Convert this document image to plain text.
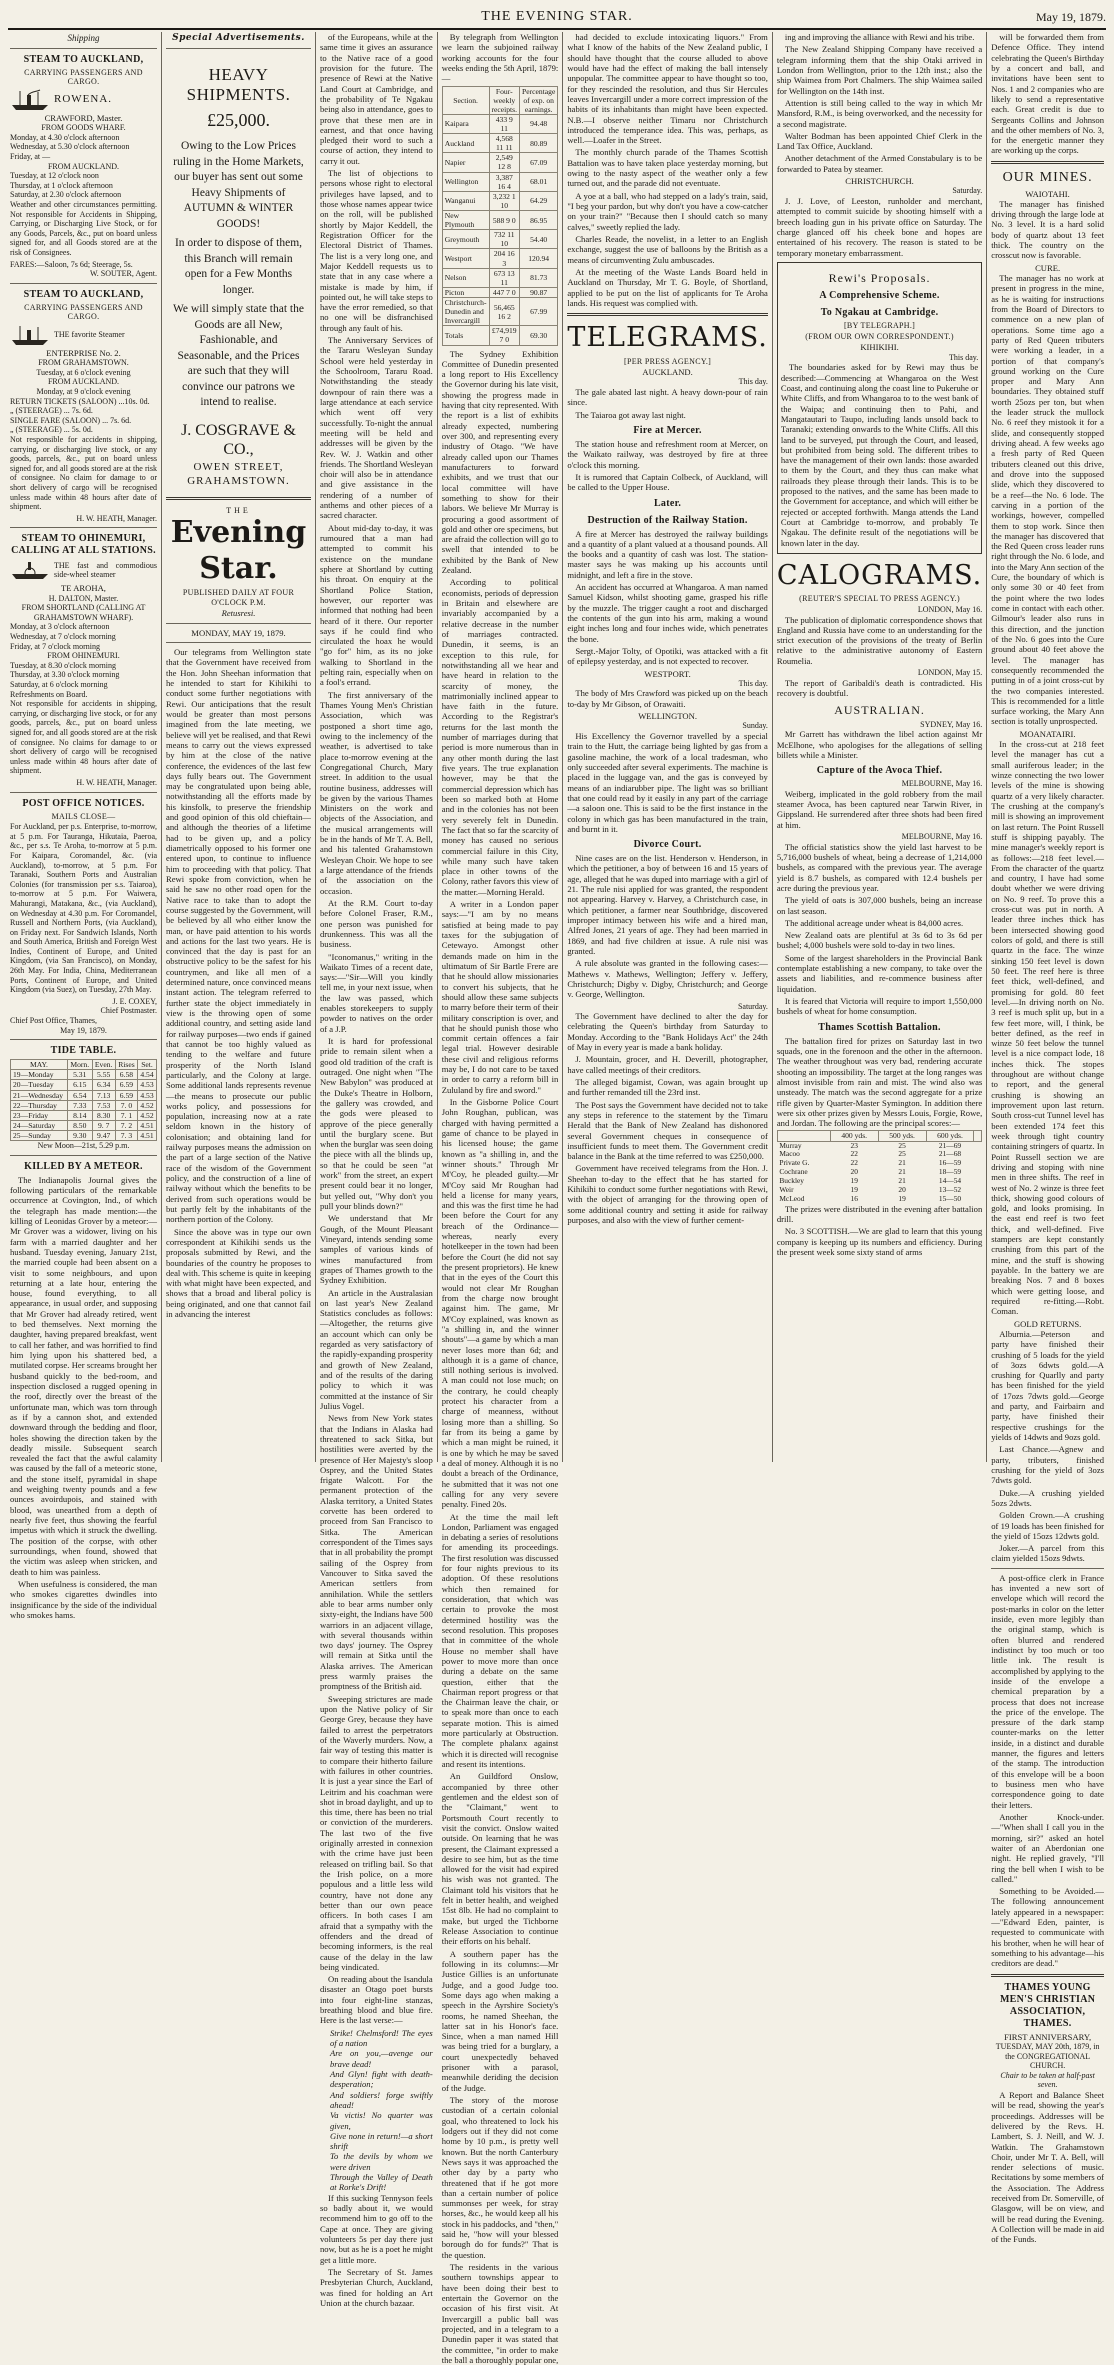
THE EVENING STAR.	May 19, 1879.
Shipping
STEAM TO AUCKLAND,
CARRYING PASSENGERS AND CARGO.
ROWENA.
CRAWFORD, Master.
FROM GOODS WHARF.
Monday, at 4.30 o'clock afternoon
Wednesday, at 5.30 o'clock afternoon
Friday, at —
FROM AUCKLAND.
Tuesday, at 12 o'clock noon
Thursday, at 1 o'clock afternoon
Saturday, at 2.30 o'clock afternoon

Weather and other circumstances permitting. Not responsible for Accidents in Shipping, Carrying, or Discharging Live Stock, or for any Goods, Parcels, &c., put on board unless signed for, and all Goods stored are at the risk of Consignees.

FARES:—Saloon, 7s 6d; Steerage, 5s.
W. SOUTER, Agent.
STEAM TO AUCKLAND,
CARRYING PASSENGERS AND CARGO.
THE favorite Steamer
ENTERPRISE No. 2.
FROM GRAHAMSTOWN.
Tuesday, at 6 o'clock evening
FROM AUCKLAND.
Monday, at 9 o'clock evening
RETURN TICKETS (SALOON) ...10s. 0d.
„ (STEERAGE) ... 7s. 6d.
SINGLE FARE (SALOON) ... 7s. 6d.
„ (STEERAGE) ... 5s. 0d.

Not responsible for accidents in shipping, carrying, or discharging live stock, or any goods, parcels, &c., put on board unless signed for, and all goods stored are at the risk of consignee. No claim for damage to or short delivery of cargo will be recognised unless made within 48 hours after date of shipment.

H. W. HEATH, Manager.
STEAM TO OHINEMURI, CALLING AT ALL STATIONS.
THE fast and commodious side-wheel steamer
TE AROHA,
H. DALTON, Master.
FROM SHORTLAND (CALLING AT GRAHAMSTOWN WHARF).
Monday, at 3 o'clock afternoon
Wednesday, at 7 o'clock morning
Friday, at 7 o'clock morning
FROM OHINEMURI.
Tuesday, at 8.30 o'clock morning
Thursday, at 3.30 o'clock morning
Saturday, at 6 o'clock morning
Refreshments on Board.

Not responsible for accidents in shipping, carrying, or discharging live stock, or for any goods, parcels, &c., put on board unless signed for, and all goods stored are at the risk of consignee. No claims for damage to or short delivery of cargo will be recognised unless made within 48 hours after date of shipment.

H. W. HEATH, Manager.
POST OFFICE NOTICES.
MAILS CLOSE—

For Auckland, per p.s. Enterprise, to-morrow, at 5 p.m. For Tauranga, Hikutaia, Paeroa, &c., per s.s. Te Aroha, to-morrow at 5 p.m. For Kaipara, Coromandel, &c. (via Auckland), to-morrow, at 5 p.m. For Taranaki, Southern Ports and Australian Colonies (for transmission per s.s. Taiaroa), to-morrow at 5 p.m. For Waiwera, Mahurangi, Matakana, &c., (via Auckland), on Wednesday at 4.30 p.m. For Coromandel, Russell and Northern Ports, (via Auckland), on Friday next. For Sandwich Islands, North and South America, British and Foreign West Indies, Continent of Europe, and United Kingdom, (via San Francisco), on Monday, 26th May. For India, China, Mediterranean Ports, Continent of Europe, and United Kingdom (via Suez), on Tuesday, 27th May.

J. E. COXEY,
Chief Postmaster.
Chief Post Office, Thames,
May 19, 1879.
TIDE TABLE.
MAY.	Morn.	Even.	Rises	Set.
19—Monday	5.31	5.55	6.58	4.54
20—Tuesday	6.15	6.34	6.59	4.53
21—Wednesday	6.54	7.13	6.59	4.53
22—Thursday	7.33	7.53	7. 0	4.52
23—Friday	8.14	8.30	7. 1	4.52
24—Saturday	8.50	9. 7	7. 2	4.51
25—Sunday	9.30	9.47	7. 3	4.51
New Moon—21st, 5.29 p.m.
KILLED BY A METEOR.

The Indianapolis Journal gives the following particulars of the remarkable occurrence at Covington, Ind., of which the telegraph has made mention:—the killing of Leonidas Grover by a meteor:—Mr Grover was a widower, living on his farm with a married daughter and her husband. Tuesday evening, January 21st, the married couple had been absent on a visit to some neighbours, and upon returning at a late hour, entering the house, found everything, to all appearance, in usual order, and supposing that Mr Grover had already retired, went to bed themselves. Next morning the daughter, having prepared breakfast, went to call her father, and was horrified to find him lying upon his shattered bed, a mutilated corpse. Her screams brought her husband quickly to the bed-room, and inspection disclosed a rugged opening in the roof, directly over the breast of the unfortunate man, which was torn through as if by a cannon shot, and extended downward through the bedding and floor, holes showing the direction taken by the deadly missile. Subsequent search revealed the fact that the awful calamity was caused by the fall of a meteoric stone, and the stone itself, pyramidal in shape and weighing twenty pounds and a few ounces avoirdupois, and stained with blood, was unearthed from a depth of nearly five feet, thus showing the fearful impetus with which it struck the dwelling. The position of the corpse, with other surroundings, when found, showed that the victim was asleep when stricken, and death to him was painless.

When usefulness is considered, the man who smokes cigarettes dwindles into insignificance by the side of the individual who smokes hams.

Special Advertisements.
HEAVY SHIPMENTS.
£25,000.
Owing to the Low Prices ruling in the Home Markets, our buyer has sent out some Heavy Shipments of AUTUMN & WINTER GOODS!
In order to dispose of them, this Branch will remain open for a Few Months longer.
We will simply state that the Goods are all New, Fashionable, and Seasonable, and the Prices are such that they will convince our patrons we intend to realise.
J. COSGRAVE & CO.,
OWEN STREET,
GRAHAMSTOWN.
THE
Evening Star.
PUBLISHED DAILY AT FOUR O'CLOCK P.M.
Retusresi.
MONDAY, MAY 19, 1879.

Our telegrams from Wellington state that the Government have received from the Hon. John Sheehan information that he intended to start for Kihikihi to conduct some further negotiations with Rewi. Our anticipations that the result would be greater than most persons imagined from the late meeting, we believe will yet be realised, and that Rewi means to carry out the views expressed by him at the close of the native conference, the evidences of the last few days fully bears out. The Government may be congratulated upon being able, notwithstanding all the efforts made by his kinsfolk, to preserve the friendship and good opinion of this old chieftain—and although the theories of a lifetime had to be given up, and a policy diametrically opposed to his former one entered upon, to continue to influence him to proceeding with that policy. That Rewi spoke from conviction, when he said he saw no other road open for the Native race to take than to adopt the course suggested by the Government, will be believed by all who either know the man, or have paid attention to his words and actions for the last two years. He is convinced that the day is past for an obstructive policy to be the safest for his countrymen, and like all men of a determined nature, once convinced means instant action. The telegram referred to further state the object immediately in view is the throwing open of some additional country, and setting aside land for railway purposes—two ends if gained that cannot be too highly valued as tending to the welfare and future prosperity of the North Island particularly, and the Colony at large. Some additional lands represents revenue—the means to prosecute our public works policy, and possessions for population, increasing now at a rate seldom known in the history of colonisation; and obtaining land for railway purposes means the admission on the part of a large section of the Native race of the wisdom of the Government policy, and the construction of a line of railway without which the benefits to be derived from such operations would be but partly felt by the inhabitants of the northern portion of the Colony.

Since the above was in type our own correspondent at Kihikihi sends us the proposals submitted by Rewi, and the boundaries of the country he proposes to deal with. This scheme is quite in keeping with what might have been expected, and shows that a broad and liberal policy is being originated, and one that cannot fail in advancing the interest

of the Europeans, while at the same time it gives an assurance to the Native race of a good provision for the future. The presence of Rewi at the Native Land Court at Cambridge, and the probability of Te Ngakau being also in attendance, goes to prove that these men are in earnest, and that once having pledged their word to such a course of action, they intend to carry it out.

The list of objections to persons whose right to electoral privileges have lapsed, and to those whose names appear twice on the roll, will be published shortly by Major Keddell, the Registration Officer for the Electoral District of Thames. The list is a very long one, and Major Keddell requests us to state that in any case where a mistake is made by him, if pointed out, he will take steps to have the error remedied, so that no one will be disfranchised through any fault of his.

The Anniversary Services of the Tararu Wesleyan Sunday School were held yesterday in the Schoolroom, Tararu Road. Notwithstanding the steady downpour of rain there was a large attendance at each service which went off very successfully. To-night the annual meeting will be held and addresses will be given by the Rev. W. J. Watkin and other friends. The Shortland Wesleyan choir will also be in attendance and give assistance in the rendering of a number of anthems and other pieces of a sacred character.

About mid-day to-day, it was rumoured that a man had attempted to commit his existence on the mundane sphere at Shortland by cutting his throat. On enquiry at the Shortland Police Station, however, our reporter was informed that nothing had been heard of it there. Our reporter says if he could find who circulated the hoax he would "go for" him, as its no joke walking to Shortland in the pelting rain, especially when on a fool's errand.

The first anniversary of the Thames Young Men's Christian Association, which was postponed a short time ago, owing to the inclemency of the weather, is advertised to take place to-morrow evening at the Congregational Church, Mary street. In addition to the usual routine business, addresses will be given by the various Thames Ministers on the work and objects of the Association, and the musical arrangements will be in the hands of Mr T. A. Bell, and his talented Grahamstown Wesleyan Choir. We hope to see a large attendance of the friends of the association on the occasion.

At the R.M. Court to-day before Colonel Fraser, R.M., one person was punished for drunkenness. This was all the business.

"Iconomanus," writing in the Waikato Times of a recent date, says:—"Sir—Will you kindly tell me, in your next issue, when the law was passed, which enables storekeepers to supply powder to natives on the order of a J.P.

It is hard for professional pride to remain silent when a good old tradition of the craft is outraged. One night when "The New Babylon" was produced at the Duke's Theatre in Holborn, the gallery was crowded, and the gods were pleased to approve of the piece generally until the burglary scene. But when the burglar was seen doing the piece with all the blinds up, so that he could be seen "at work" from the street, an expert present could bear it no longer, but yelled out, "Why don't you pull your blinds down?"

We understand that Mr Gough, of the Mount Pleasant Vineyard, intends sending some samples of various kinds of wines manufactured from grapes of Thames growth to the Sydney Exhibition.

An article in the Australasian on last year's New Zealand Statistics concludes as follows:—Altogether, the returns give an account which can only be regarded as very satisfactory of the rapidly-expanding prosperity and growth of New Zealand, and of the results of the daring policy to which it was committed at the instance of Sir Julius Vogel.

News from New York states that the Indians in Alaska had threatened to sack Sitka, but hostilities were averted by the presence of Her Majesty's sloop Osprey, and the United States frigate Walcott. For the permanent protection of the Alaska territory, a United States corvette has been ordered to proceed from San Francisco to Sitka. The American correspondent of the Times says that in all probability the prompt sailing of the Osprey from Vancouver to Sitka saved the American settlers from annihilation. While the settlers able to bear arms number only sixty-eight, the Indians have 500 warriors in an adjacent village, with several thousands within two days' journey. The Osprey will remain at Sitka until the Alaska arrives. The American press warmly praises the promptness of the British aid.

Sweeping strictures are made upon the Native policy of Sir George Grey, because they have failed to arrest the perpetrators of the Waverly murders. Now, a fair way of testing this matter is to compare their hitherto failure with failures in other countries. It is just a year since the Earl of Leitrim and his coachman were shot in broad daylight, and up to this time, there has been no trial or conviction of the murderers. The last two of the five originally arrested in connexion with the crime have just been released on trifling bail. So that the Irish police, on a more populous and a little less wild country, have not done any better than our own peace officers. In both cases I am afraid that a sympathy with the offenders and the dread of becoming informers, is the real cause of the delay in the law being vindicated.

On reading about the Isandula disaster an Otago poet bursts into four eight-line stanzas, breathing blood and blue fire. Here is the last verse:—

Strike! Chelmsford! The eyes of a nation
Are on you,—avenge our brave dead!
And Glyn! fight with death-desperation;
And soldiers! forge swiftly ahead!
Va victis! No quarter was given,
Give none in return!—a short shrift
To the devils by whom we were driven
Through the Valley of Death at Rorke's Drift!

If this sucking Tennyson feels so badly about it, we would recommend him to go off to the Cape at once. They are giving volunteers 5s per day there just now, but as he is a poet he might get a little more.

The Secretary of St. James Presbyterian Church, Auckland, was fined for holding an Art Union at the church bazaar.

By telegraph from Wellington we learn the subjoined railway working accounts for the four weeks ending the 5th April, 1879:—

Section.	Four-weekly receipts.	Percentage of exp. on earnings.
Kaipara	433 9 11	94.48
Auckland	4,568 11 11	80.89
Napier	2,549 12 8	67.09
Wellington	3,387 16 4	68.01
Wanganui	3,232 1 10	64.29
New Plymouth	588 9 0	86.95
Greymouth	732 11 10	54.40
Westport	204 16 3	120.94
Nelson	673 13 11	81.73
Picton	447 7 0	90.87
Christchurch-Dunedin and Invercargill	56,465 16 2	67.99
Totals	£74,919 7 0	69.30

The Sydney Exhibition Committee of Dunedin presented a long report to His Excellency the Governor during his late visit, showing the progress made in having that city represented. With the report is a list of exhibits already expected, numbering over 300, and representing every industry of Otago. "We have already called upon our Thames manufacturers to forward exhibits, and we trust that our local committee will have something to show for their labors. We believe Mr Murray is procuring a good assortment of gold and other ore specimens, but are afraid the collection will go to swell that intended to be exhibited by the Bank of New Zealand.

According to political economists, periods of depression in Britain and elsewhere are invariably accompanied by a relative decrease in the number of marriages contracted. Dunedin, it seems, is an exception to this rule, for notwithstanding all we hear and have heard in relation to the scarcity of money, the matrimonially inclined appear to have faith in the future. According to the Registrar's returns for the last month the number of marriages during that period is more numerous than in any other month during the last five years. The true explanation however, may be that the commercial depression which has been so marked both at Home and in the colonies has not been very severely felt in Dunedin. The fact that so far the scarcity of money has caused no serious commercial failure in this City, while many such have taken place in other towns of the Colony, rather favors this view of the matter.—Morning Herald.

A writer in a London paper says:—"I am by no means satisfied at being made to pay taxes for the subjugation of Cetewayo. Amongst other demands made on him in the ultimatum of Sir Bartle Frere are that he should allow missionaries to convert his subjects, that he should allow these same subjects to marry before their term of their military conscription is over, and that he should punish those who commit certain offences a fair legal trial. However desirable these civil and religious reforms may be, I do not care to be taxed in order to carry a reform bill in Zululand by fire and sword."

In the Gisborne Police Court John Roughan, publican, was charged with having permitted a game of chance to be played in his licensed house; the game known as "a shilling in, and the winner shouts." Through Mr M'Coy, he pleaded guilty.—Mr M'Coy said Mr Roughan had held a license for many years, and this was the first time he had been before the Court for any breach of the Ordinance—whereas, nearly every hotelkeeper in the town had been before the Court (he did not say the present proprietors). He knew that in the eyes of the Court this would not clear Mr Roughan from the charge now brought against him. The game, Mr M'Coy explained, was known as "a shilling in, and the winner shouts"—a game by which a man never loses more than 6d; and although it is a game of chance, still nothing serious is involved. A man could not lose much; on the contrary, he could cheaply protect his character from a charge of meanness, without losing more than a shilling. So far from its being a game by which a man might be ruined, it is one by which he may be saved a deal of money. Although it is no doubt a breach of the Ordinance, he submitted that it was not one calling for any very severe penalty. Fined 20s.

At the time the mail left London, Parliament was engaged in debating a series of resolutions for amending its proceedings. The first resolution was discussed for four nights previous to its adoption. Of these resolutions which then remained for consideration, that which was certain to provoke the most determined hostility was the second resolution. This proposes that in committee of the whole House no member shall have power to move more than once during a debate on the same question, either that the Chairman report progress or that the Chairman leave the chair, or to speak more than once to each separate motion. This is aimed more particularly at Obstruction. The complete phalanx against which it is directed will recognise and resent its intentions.

An Guildford Onslow, accompanied by three other gentlemen and the eldest son of the "Claimant," went to Portsmouth Court recently to visit the convict. Onslow waited outside. On learning that he was present, the Claimant expressed a desire to see him, but as the time allowed for the visit had expired his wish was not granted. The Claimant told his visitors that he felt in better health, and weighed 15st 8lb. He had no complaint to make, but urged the Tichborne Release Association to continue their efforts on his behalf.

A southern paper has the following in its columns:—Mr Justice Gillies is an unfortunate Judge, and a good Judge too. Some days ago when making a speech in the Ayrshire Society's rooms, he named Sheehan, the latter sat in his Honor's face. Since, when a man named Hill was being tried for a burglary, a court unexpectedly behaved prisoner with a parasol, meanwhile deriding the decision of the Judge.

The story of the morose custodian of a certain colonial goal, who threatened to lock his lodgers out if they did not come home by 10 p.m., is pretty well known. But the north Canterbury News says it was approached the other day by a party who threatened that if he got more than a certain number of police summonses per week, for stray horses, &c., he would keep all his stock in his paddocks, and "then," said he, "how will your blessed borough do for funds?" That is the question.

The residents in the various southern townships appear to have been doing their best to entertain the Governor on the occasion of his first visit. At Invercargill a public ball was projected, and in a telegram to a Dunedin paper it was stated that the committee, "in order to make the ball a thoroughly popular one,

had decided to exclude intoxicating liquors." From what I know of the habits of the New Zealand public, I should have thought that the course alluded to above would have had the effect of making the ball intensely unpopular. The committee appear to have thought so too, for they rescinded the resolution, and thus Sir Hercules leaves Invercargill under a more correct impression of the habits of its inhabitants than might have been expected. N.B.—I observe neither Timaru nor Christchurch introduced the temperance idea. This was, perhaps, as well.—Loafer in the Street.

The monthly church parade of the Thames Scottish Battalion was to have taken place yesterday morning, but owing to the nasty aspect of the weather only a few turned out, and the parade did not eventuate.

A yoe at a ball, who had stepped on a lady's train, said, "I beg your pardon, but why don't you have a cow-catcher on your train?" "Because then I should catch so many calves," sweetly replied the lady.

Charles Reade, the novelist, in a letter to an English exchange, suggest the use of balloons by the British as a means of circumventing Zulu ambuscades.

At the meeting of the Waste Lands Board held in Auckland on Thursday, Mr T. G. Boyle, of Shortland, applied to be put on the list of applicants for Te Aroha lands. His request was complied with.

TELEGRAMS.
[PER PRESS AGENCY.]
AUCKLAND.
This day.

The gale abated last night. A heavy down-pour of rain since.

The Taiaroa got away last night.

Fire at Mercer.

The station house and refreshment room at Mercer, on the Waikato railway, was destroyed by fire at three o'clock this morning.

It is rumored that Captain Colbeck, of Auckland, will be called to the Upper House.

Later.
Destruction of the Railway Station.

A fire at Mercer has destroyed the railway buildings and a quantity of a plant valued at a thousand pounds. All the books and a quantity of cash was lost. The station-master says he was making up his accounts until midnight, and left a fire in the stove.

An accident has occurred at Whangaroa. A man named Samuel Kidson, whilst shooting game, grasped his rifle by the muzzle. The trigger caught a root and discharged the contents of the gun into his arm, making a wound eight inches long and four inches wide, which penetrates the bone.

Sergt.-Major Tolty, of Opotiki, was attacked with a fit of epilepsy yesterday, and is not expected to recover.

WESTPORT.
This day.

The body of Mrs Crawford was picked up on the beach to-day by Mr Gibson, of Orawaiti.

WELLINGTON.
Sunday.

His Excellency the Governor travelled by a special train to the Hutt, the carriage being lighted by gas from a gasoline machine, the work of a local tradesman, who only succeeded after several experiments. The machine is placed in the luggage van, and the gas is conveyed by means of an indiarubber pipe. The light was so brilliant that one could read by it easily in any part of the carriage—a saloon one. This is said to be the first instance in the colony in which gas has been manufactured in the train, and burnt in it.

Divorce Court.

Nine cases are on the list. Henderson v. Henderson, in which the petitioner, a boy of between 16 and 15 years of age, alleged that he was duped into marriage with a girl of 21. The rule nisi applied for was granted, the respondent not appearing. Harvey v. Harvey, a Christchurch case, in which petitioner, a farmer near Southbridge, discovered improper intimacy between his wife and a hired man, Alfred Jones, 21 years of age. They had been married in 1869, and had five children at issue. A rule nisi was granted.

A rule absolute was granted in the following cases:—Mathews v. Mathews, Wellington; Jeffery v. Jeffery, Christchurch; Digby v. Digby, Christchurch; and George v. George, Wellington.

Saturday.

The Government have declined to alter the day for celebrating the Queen's birthday from Saturday to Monday. According to the "Bank Holidays Act" the 24th of May in every year is made a bank holiday.

J. Mountain, grocer, and H. Deverill, photographer, have called meetings of their creditors.

The alleged bigamist, Cowan, was again brought up and further remanded till the 23rd inst.

The Post says the Government have decided not to take any steps in reference to the statement by the Timaru Herald that the Bank of New Zealand has dishonored several Government cheques in consequence of insufficient funds to meet them. The Government credit balance in the Bank at the time referred to was £250,000.

Government have received telegrams from the Hon. J. Sheehan to-day to the effect that he has started for Kihikihi to conduct some further negotiations with Rewi, with the object of arranging for the throwing open of some additional country and setting it aside for railway purposes, and also with the view of further cement-

ing and improving the alliance with Rewi and his tribe.

The New Zealand Shipping Company have received a telegram informing them that the ship Otaki arrived in London from Wellington, prior to the 12th inst.; also the ship Waimea from Port Chalmers. The ship Waimea sailed for Wellington on the 14th inst.

Attention is still being called to the way in which Mr Mansford, R.M., is being overworked, and the necessity for a second magistrate.

Walter Bodman has been appointed Chief Clerk in the Land Tax Office, Auckland.

Another detachment of the Armed Constabulary is to be forwarded to Patea by steamer.

CHRISTCHURCH.
Saturday.

J. J. Love, of Leeston, runholder and merchant, attempted to commit suicide by shooting himself with a breech loading gun in his private office on Saturday. The charge glanced off his cheek bone and hopes are entertained of his recovery. The reason is stated to be temporary monetary embarrassment.

Rewi's Proposals.
A Comprehensive Scheme.
To Ngakau at Cambridge.
[BY TELEGRAPH.]
(FROM OUR OWN CORRESPONDENT.)
KIHIKIHI.
This day.

The boundaries asked for by Rewi may thus be described:—Commencing at Whangaroa on the West Coast, and continuing along the coast line to Pukeruhe or White Cliffs, and from Whangaroa to to the west bank of the Waipa; and continuing then to Pahi, and Mangatautari to Taupo, including lands unsold back to Taranaki; extending onwards to the White Cliffs. All this land to be surveyed, put through the Court, and leased, but prohibited from being sold. The different tribes to have the management of their own lands: those awarded to them by the Court, and they thus can make what railroads they please through their lands. This is to be proposed to the natives, and the same has been made to the Government for acceptance, and which will either be rejected or accepted forthwith. Manga attends the Land Court at Cambridge to-morrow, and probably Te Ngakau. The definite result of the negotiations will be known later in the day.

CALOGRAMS.
(REUTER'S SPECIAL TO PRESS AGENCY.)
LONDON, May 16.

The publication of diplomatic correspondence shows that England and Russia have come to an understanding for the strict execution of the provisions of the treaty of Berlin relative to the administrative autonomy of Eastern Roumelia.

LONDON, May 15.

The report of Garibaldi's death is contradicted. His recovery is doubtful.

AUSTRALIAN.
SYDNEY, May 16.

Mr Garrett has withdrawn the libel action against Mr McElhone, who apologises for the allegations of selling billets while a Minister.

Capture of the Avoca Thief.
MELBOURNE, May 16.

Weiberg, implicated in the gold robbery from the mail steamer Avoca, has been captured near Tarwin River, in Gippsland. He surrendered after three shots had been fired at him.

MELBOURNE, May 16.

The official statistics show the yield last harvest to be 5,716,000 bushels of wheat, being a decrease of 1,214,000 bushels, as compared with the previous year. The average yield is 8.7 bushels, as compared with 12.4 bushels per acre during the previous year.

The yield of oats is 307,000 bushels, being an increase on last season.

The additional acreage under wheat is 84,000 acres.

New Zealand oats are plentiful at 3s 6d to 3s 6d per bushel; 4,000 bushels were sold to-day in two lines.

Some of the largest shareholders in the Provincial Bank contemplate establishing a new company, to take over the assets and liabilities, and re-commence business after liquidation.

It is feared that Victoria will require to import 1,550,000 bushels of wheat for home consumption.

Thames Scottish Battalion.

The battalion fired for prizes on Saturday last in two squads, one in the forenoon and the other in the afternoon. The weather throughout was very bad, rendering accurate shooting an impossibility. The target at the long ranges was almost invisible from rain and mist. The wind also was unsteady. The match was the second aggregate for a prize rifle given by Quarter-Master Symington. In addition there were six other prizes given by Messrs Louis, Forgie, Rowe, and Jordan. The following are the principal scores:—

	400 yds.	500 yds.	600 yds.	
Murray	23	25	21—69	
Macoo	22	25	21—68	
Private G.	22	21	16—59	
Cochrane	20	21	18—59	
Buckley	19	21	14—54	
Weir	19	20	13—52	
McLeod	16	19	15—50	

The prizes were distributed in the evening after battalion drill.

No. 3 SCOTTISH.—We are glad to learn that this young company is keeping up its numbers and efficiency. During the present week some sixty stand of arms

will be forwarded them from Defence Office. They intend celebrating the Queen's Birthday by a concert and ball, and invitations have been sent to Nos. 1 and 2 companies who are likely to send a representative each. Great credit is due to Sergeants Collins and Johnson and the other members of No. 3, for the energetic manner they are working up the corps.

OUR MINES.
WAIOTAHI.

The manager has finished driving through the large lode at No. 3 level. It is a hard solid body of quartz about 13 feet thick. The country on the crosscut now is favorable.

CURE.

The manager has no work at present in progress in the mine, as he is waiting for instructions from the Board of Directors to commence on a new plan of operations. Some time ago a party of Red Queen tributers were working a leader, in a portion of that company's ground working on the Cure proper and Mary Ann boundaries. They obtained stuff worth 25ozs per ton, but when the leader struck the mullock No. 6 reef they mistook it for a slide, and consequently stopped driving ahead. A few weeks ago a fresh party of Red Queen tributers cleaned out this drive, and drove into the supposed slide, which they discovered to be a reef—the No. 6 lode. The carving in a portion of the workings, however, compelled them to stop work. Since then the manager has discovered that the Red Queen cross leader runs right through the No. 6 lode, and into the Mary Ann section of the Cure, the boundary of which is only some 30 or 40 feet from the point where the two lodes come in contact with each other. Gilmour's leader also runs in this direction, and the junction of the No. 6 goes into the Cure ground about 40 feet above the level. The manager has consequently recommended the putting in of a joint cross-cut by the two companies interested. This is recommended for a little surface working, the Mary Ann section is totally unprospected.

MOANATAIRI.

In the cross-cut at 218 feet level the manager has cut a small auriferous leader; in the winze connecting the two lower levels of the mine is showing quartz of a very likely character. The crushing at the company's mill is showing an improvement on last return. The Point Russell stuff is shipping payably. The mine manager's weekly report is as follows:—218 feet level.—From the character of the quartz and country, I have had some doubt whether we were driving on No. 9 reef. To prove this a cross-cut was put in north. A leader three inches thick has been intersected showing good colors of gold, and there is still quartz in the face. The winze sinking 150 feet level is down 50 feet. The reef here is three feet thick, well-defined, and promising for gold. 80 feet level.—In driving north on No. 3 reef is much split up, but in a few feet more, will, I think, be better defined, as the reef in winze 50 feet below the tunnel level is a nice compact lode, 18 inches thick. The stopes throughout are without change to report, and the general crushing is showing an improvement upon last return. South cross-cut Tunnel level has been extended 174 feet this week through tight country containing stringers of quartz. In Point Russell section we are driving and stoping with nine men in three shifts. The reef in west of No. 2 winze is three feet thick, showing good colours of gold, and looks promising. In the east end reef is two feet thick, and well-defined. Five stampers are kept constantly crushing from this part of the mine, and the stuff is showing payable. In the battery we are breaking Nos. 7 and 8 boxes which were getting loose, and required re-fitting.—Robt. Coman.

GOLD RETURNS.

Alburnia.—Peterson and party have finished their crushing of 5 loads for the yield of 3ozs 6dwts gold.—A crushing for Quarlly and party has been finished for the yield of 17ozs 7dwts gold.—George and party, and Fairbairn and party, have finished their respective crushings for the yields of 14dwts and 9ozs gold.

Last Chance.—Agnew and party, tributers, finished crushing for the yield of 3ozs 7dwts gold.

Duke.—A crushing yielded 5ozs 2dwts.

Golden Crown.—A crushing of 19 loads has been finished for the yield of 15ozs 12dwts gold.

Joker.—A parcel from this claim yielded 15ozs 9dwts.

A post-office clerk in France has invented a new sort of envelope which will record the post-marks in color on the letter inside, even more legibly than the original stamp, which is often blurred and rendered indistinct by too much or too little ink. The result is accomplished by applying to the inside of the envelope a chemical preparation by a process that does not increase the price of the envelope. The pressure of the dark stamp counter-marks on the letter inside, in a distinct and durable manner, the figures and letters of the stamp. The introduction of this envelope will be a boon to business men who have correspondence going to date their letters.

Another Knock-under.—"When shall I call you in the morning, sir?" asked an hotel waiter of an Aberdonian one night. He replied gravely, "I'll ring the bell when I wish to be called."

Something to be Avoided.—The following announcement lately appeared in a newspaper:—"Edward Eden, painter, is requested to communicate with his brother, when he will hear of something to his advantage—his creditors are dead."

THAMES YOUNG MEN'S CHRISTIAN ASSOCIATION, THAMES.
FIRST ANNIVERSARY,
TUESDAY, MAY 20th, 1879, in the CONGREGATIONAL CHURCH.
Chair to be taken at half-past seven.

A Report and Balance Sheet will be read, showing the year's proceedings. Addresses will be delivered by the Revs. H. Lambert, S. J. Neill, and W. J. Watkin. The Grahamstown Choir, under Mr T. A. Bell, will render selections of music. Recitations by some members of the Association. The Address received from Dr. Somerville, of Glasgow, will be on view, and will be read during the Evening. A Collection will be made in aid of the Funds.
